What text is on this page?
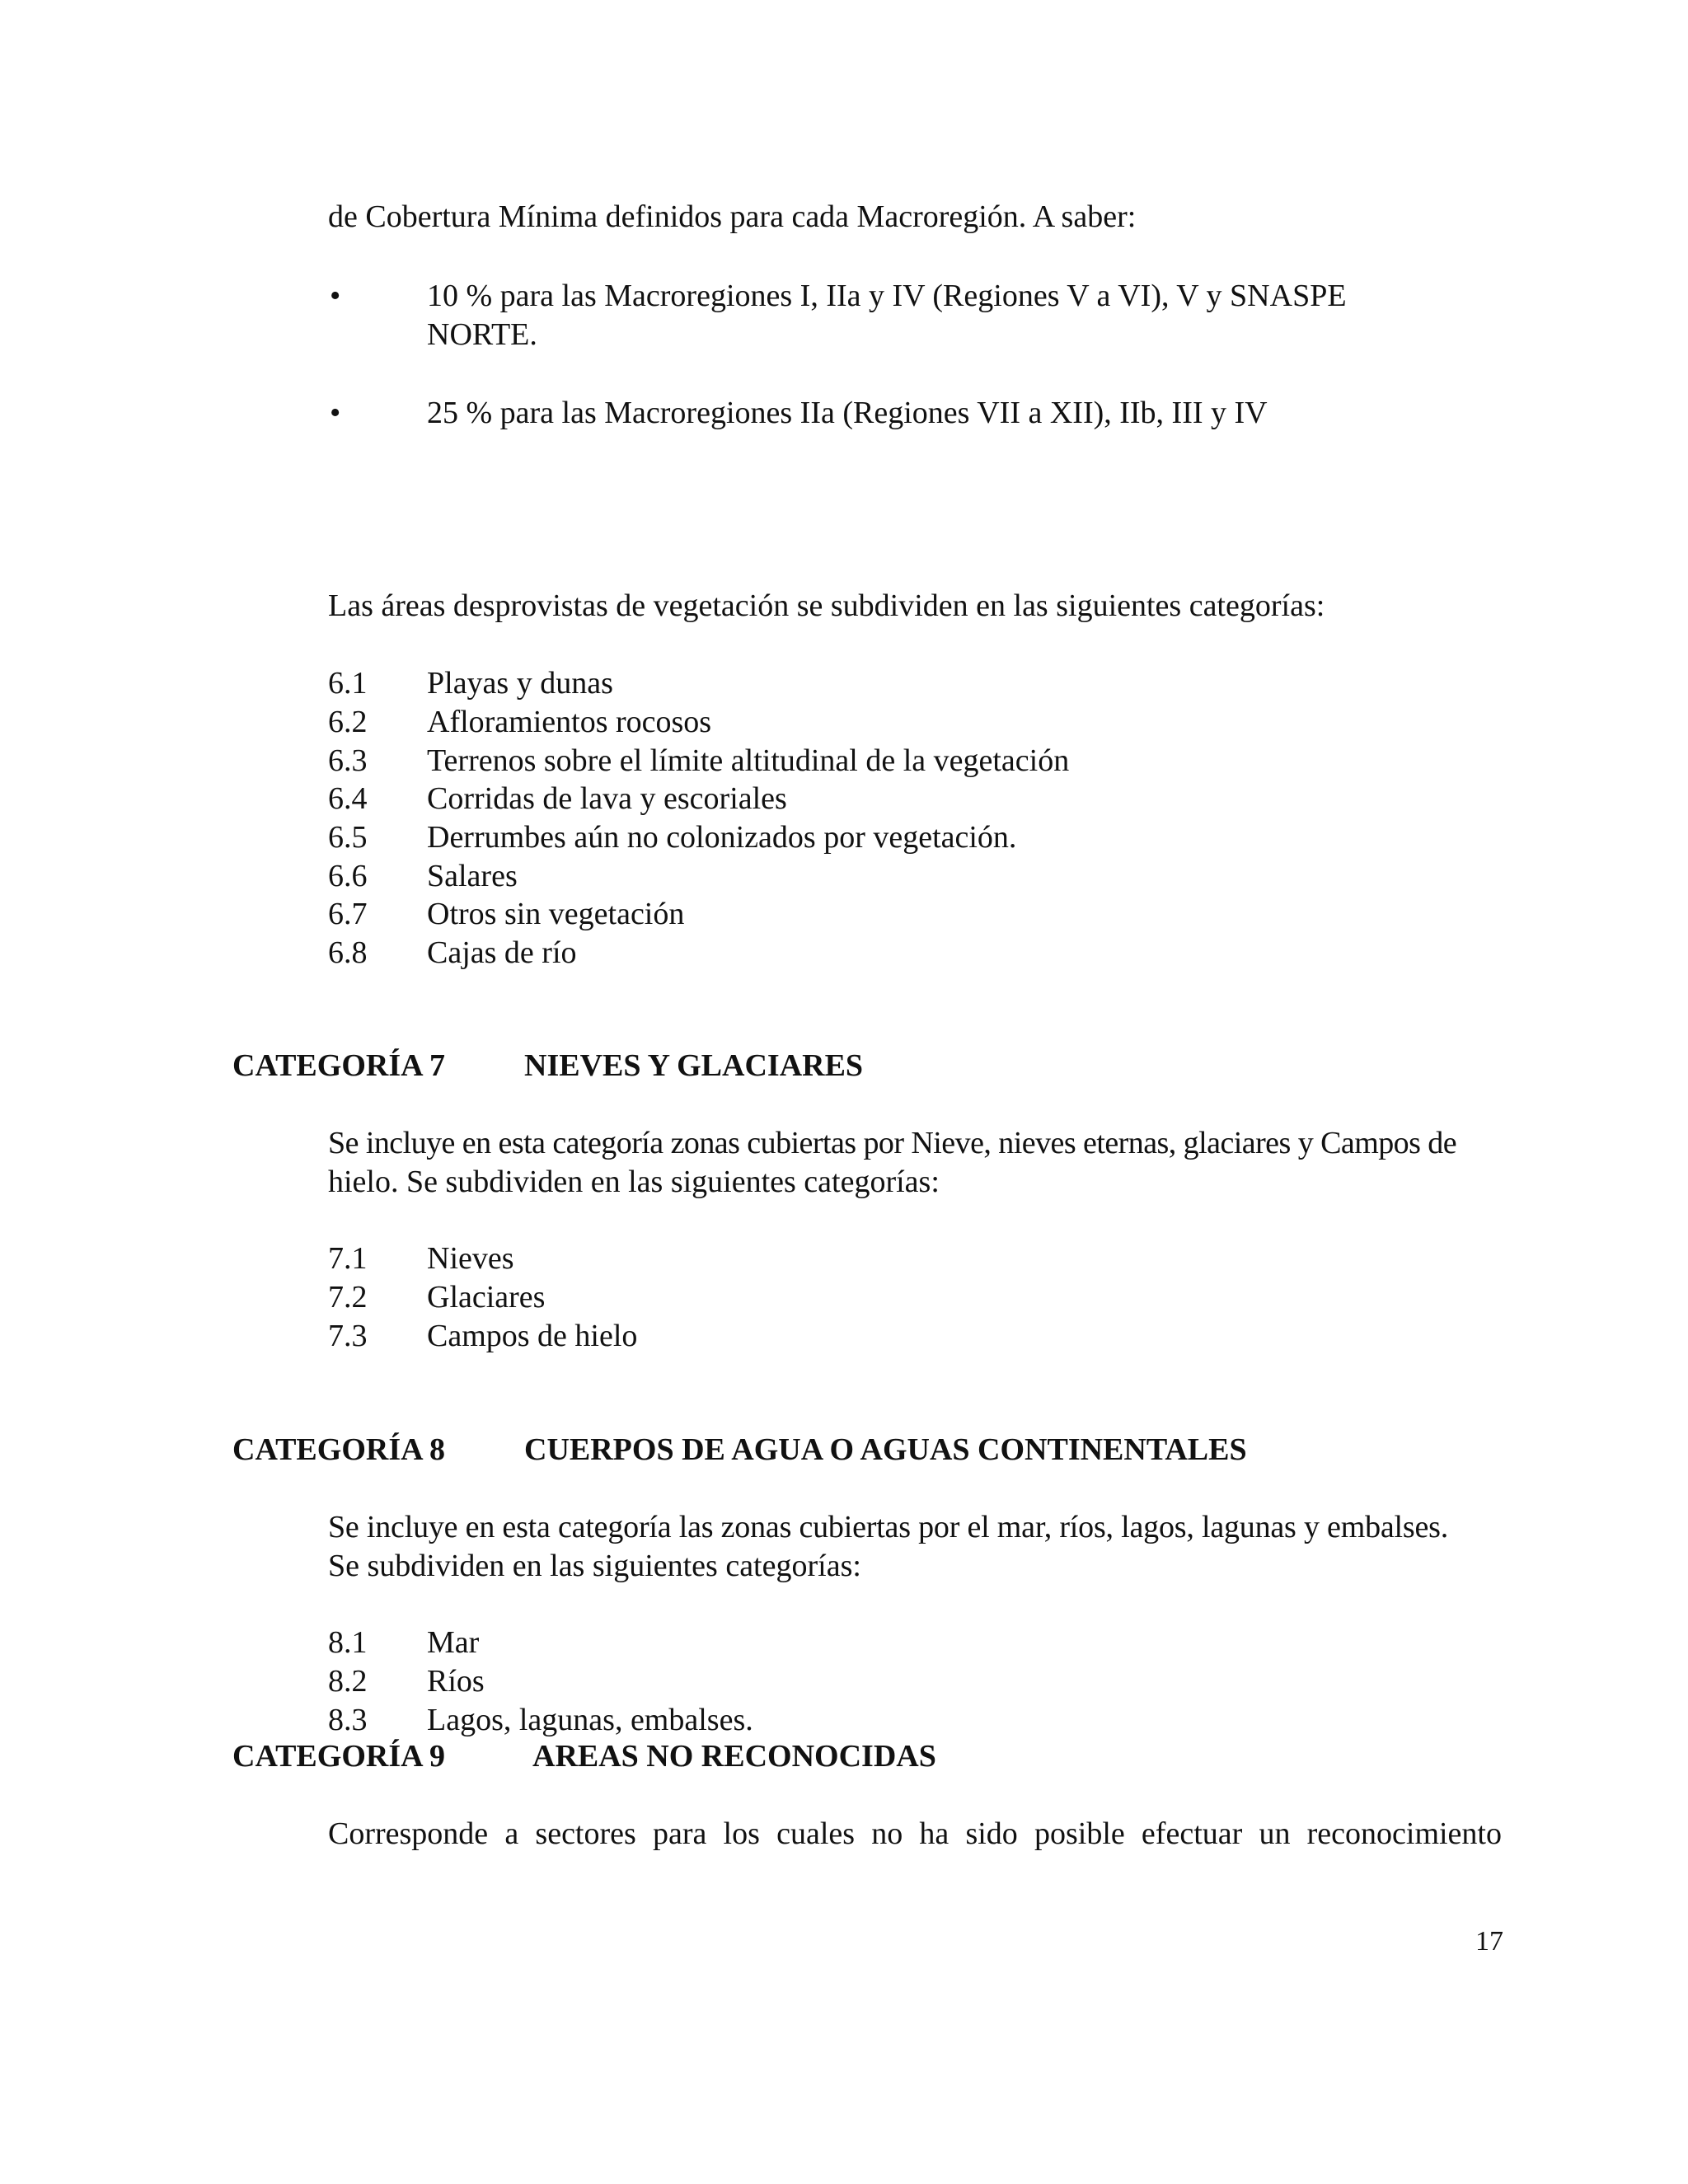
de Cobertura Mínima definidos para cada Macroregión. A saber:
•	10 % para las Macroregiones I, IIa y IV (Regiones V a VI), V y SNASPE
NORTE.
•	25 % para las Macroregiones IIa (Regiones VII a XII), IIb, III y IV
Las áreas desprovistas de vegetación se subdividen en las siguientes categorías:
6.1 Playas y dunas
6.2 Afloramientos rocosos
6.3 Terrenos sobre el límite altitudinal de la vegetación
6.4 Corridas de lava y escoriales
6.5 Derrumbes aún no colonizados por vegetación.
6.6 Salares
6.7 Otros sin vegetación
6.8 Cajas de río
CATEGORÍA 7	NIEVES Y GLACIARES
Se incluye en esta categoría zonas cubiertas por Nieve, nieves eternas, glaciares y Campos de
hielo. Se subdividen en las siguientes categorías:
7.1 Nieves
7.2 Glaciares
7.3 Campos de hielo
CATEGORÍA 8	CUERPOS DE AGUA O AGUAS CONTINENTALES
Se incluye en esta categoría las zonas cubiertas por el mar, ríos, lagos, lagunas y embalses.
Se subdividen en las siguientes categorías:
8.1 Mar
8.2 Ríos
8.3 Lagos, lagunas, embalses.
CATEGORÍA 9	AREAS NO RECONOCIDAS
Corresponde a sectores para los cuales no ha sido posible efectuar un reconocimiento
17
